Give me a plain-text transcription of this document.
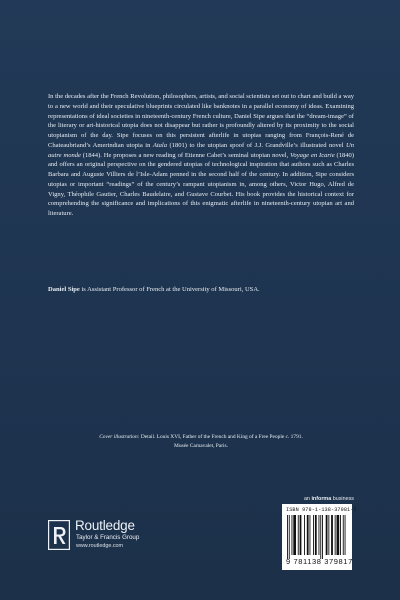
In the decades after the French Revolution, philosophers, artists, and social scientists set out to chart and build a way to a new world and their speculative blueprints circulated like banknotes in a parallel economy of ideas. Examining representations of ideal societies in nineteenth-century French culture, Daniel Sipe argues that the “dream-image” of the literary or art-historical utopia does not disappear but rather is profoundly altered by its proximity to the social utopianism of the day. Sipe focuses on this persistent afterlife in utopias ranging from François-René de Chateaubriand’s Amerindian utopia in Atala (1801) to the utopian spoof of J.J. Grandville’s illustrated novel Un autre monde (1844). He proposes a new reading of Etienne Cabet’s seminal utopian novel, Voyage en Icarie (1840) and offers an original perspective on the gendered utopias of technological inspiration that authors such as Charles Barbara and Auguste Villiers de l’Isle-Adam penned in the second half of the century. In addition, Sipe considers utopias or important “readings” of the century’s rampant utopianism in, among others, Victor Hugo, Alfred de Vigny, Théophile Gautier, Charles Baudelaire, and Gustave Courbet. His book provides the historical context for comprehending the significance and implications of this enigmatic afterlife in nineteenth-century utopian art and literature.

Daniel Sipe is Assistant Professor of French at the University of Missouri, USA.

Cover illustration: Detail. Louis XVI, Father of the French and King of a Free People c. 1791.
Musée Carnavalet, Paris.

an informa business
ISBN 978-1-138-37981-7
9 781138 379817
Routledge
Taylor & Francis Group
www.routledge.com
